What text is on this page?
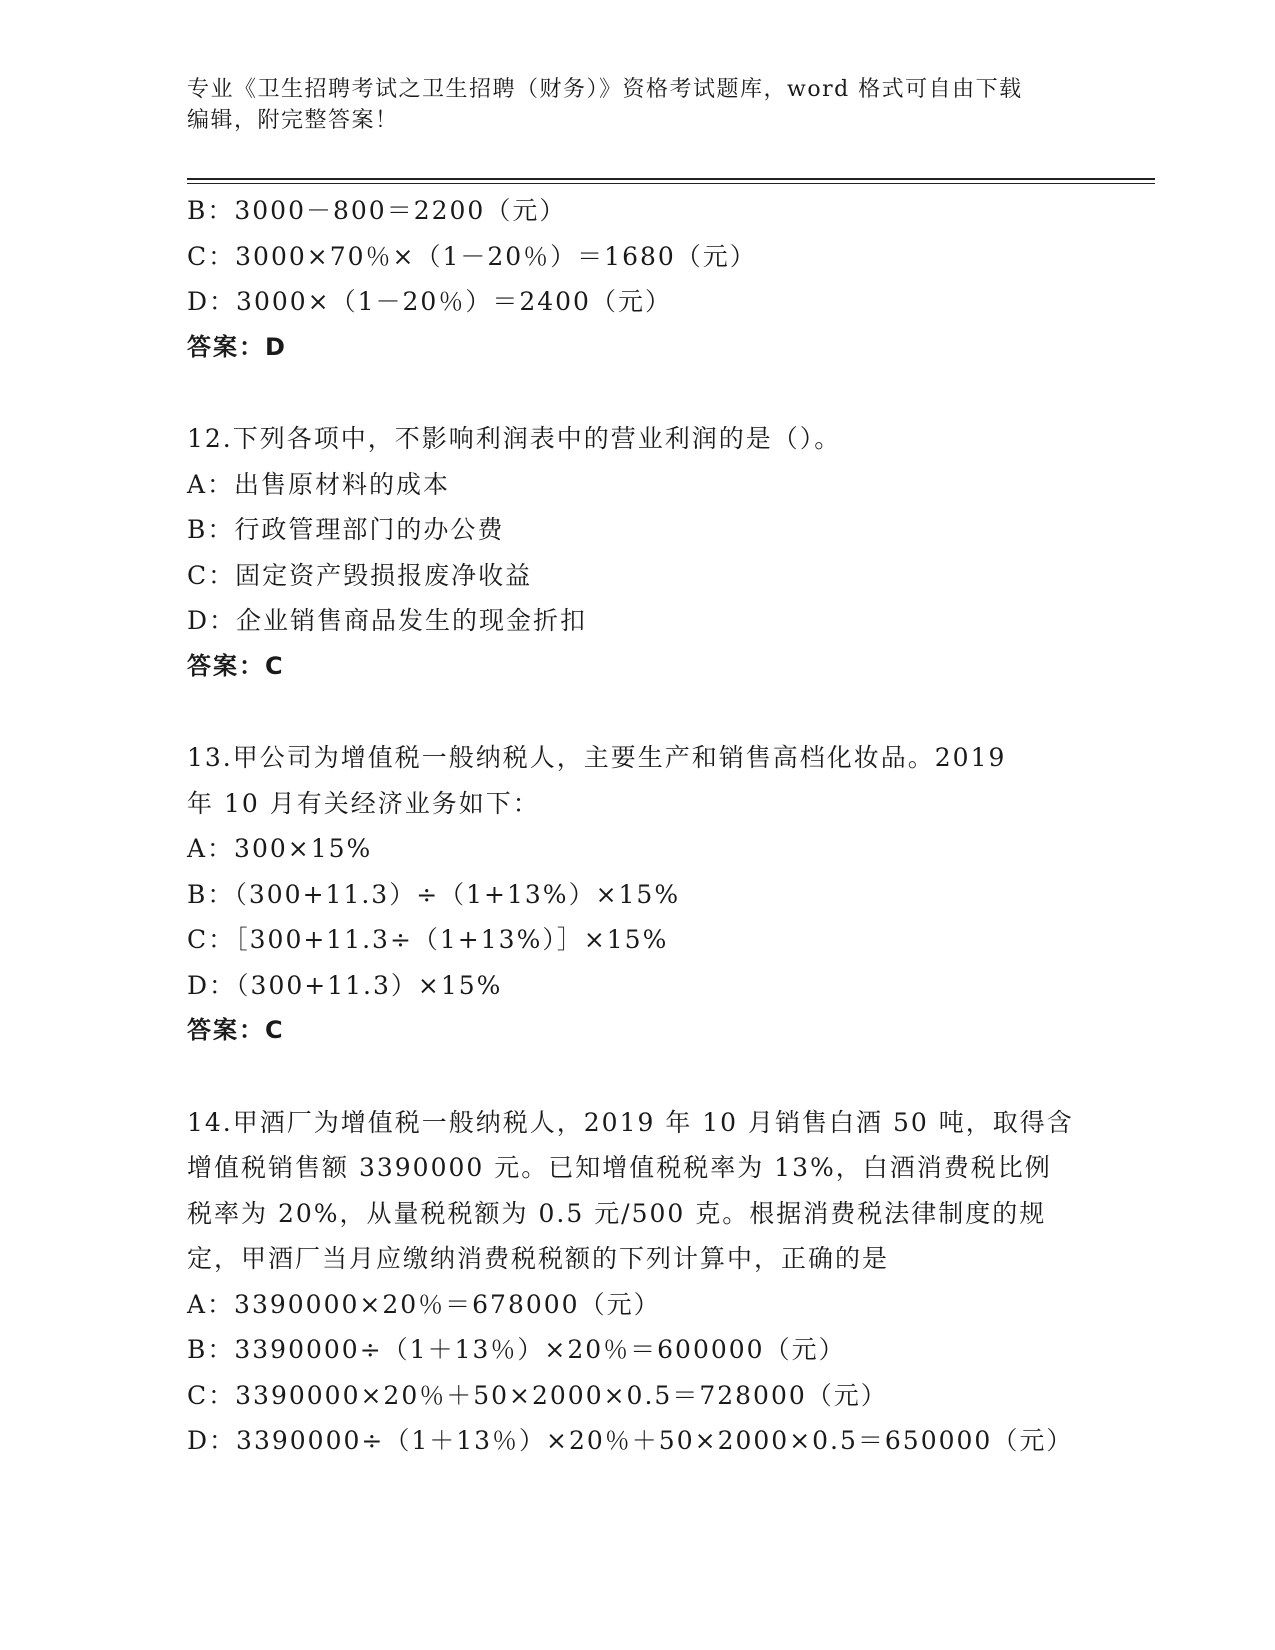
专业《卫生招聘考试之卫生招聘（财务）》资格考试题库，word 格式可自由下载
编辑，附完整答案！
B：3000－800＝2200（元）
C：3000×70％×（1－20％）＝1680（元）
D：3000×（1－20％）＝2400（元）
答案：D
12.下列各项中，不影响利润表中的营业利润的是（）。
A：出售原材料的成本
B：行政管理部门的办公费
C：固定资产毁损报废净收益
D：企业销售商品发生的现金折扣
答案：C
13.甲公司为增值税一般纳税人，主要生产和销售高档化妆品。2019
年 10 月有关经济业务如下：
A：300×15%
B：（300+11.3）÷（1+13%）×15%
C：［300+11.3÷（1+13%）］×15%
D：（300+11.3）×15%
答案：C
14.甲酒厂为增值税一般纳税人，2019 年 10 月销售白酒 50 吨，取得含
增值税销售额 3390000 元。已知增值税税率为 13%，白酒消费税比例
税率为 20%，从量税税额为 0.5 元/500 克。根据消费税法律制度的规
定，甲酒厂当月应缴纳消费税税额的下列计算中，正确的是
A：3390000×20％＝678000（元）
B：3390000÷（1＋13％）×20％＝600000（元）
C：3390000×20％＋50×2000×0.5＝728000（元）
D：3390000÷（1＋13％）×20％＋50×2000×0.5＝650000（元）
